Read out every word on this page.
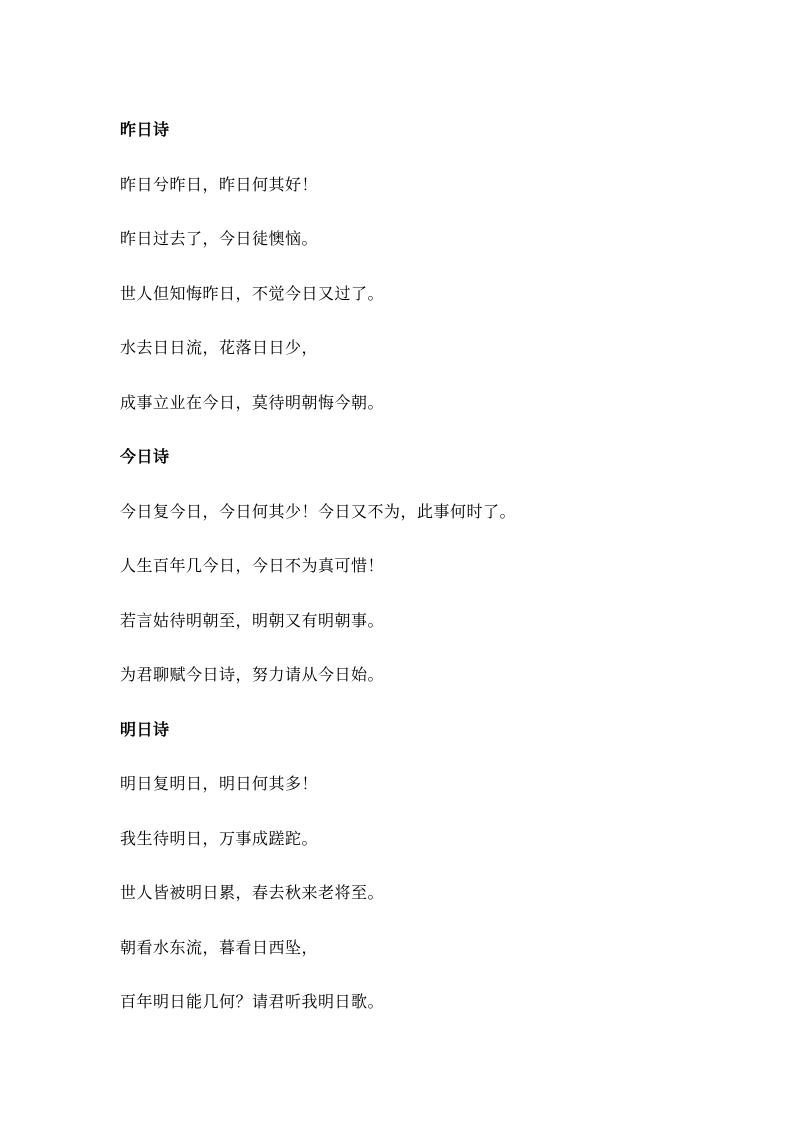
昨日诗
昨日兮昨日，昨日何其好！
昨日过去了，今日徒懊恼。
世人但知悔昨日，不觉今日又过了。
水去日日流，花落日日少，
成事立业在今日，莫待明朝悔今朝。
今日诗
今日复今日，今日何其少！今日又不为，此事何时了。
人生百年几今日，今日不为真可惜！
若言姑待明朝至，明朝又有明朝事。
为君聊赋今日诗，努力请从今日始。
明日诗
明日复明日，明日何其多！
我生待明日，万事成蹉跎。
世人皆被明日累，春去秋来老将至。
朝看水东流，暮看日西坠，
百年明日能几何？请君听我明日歌。
